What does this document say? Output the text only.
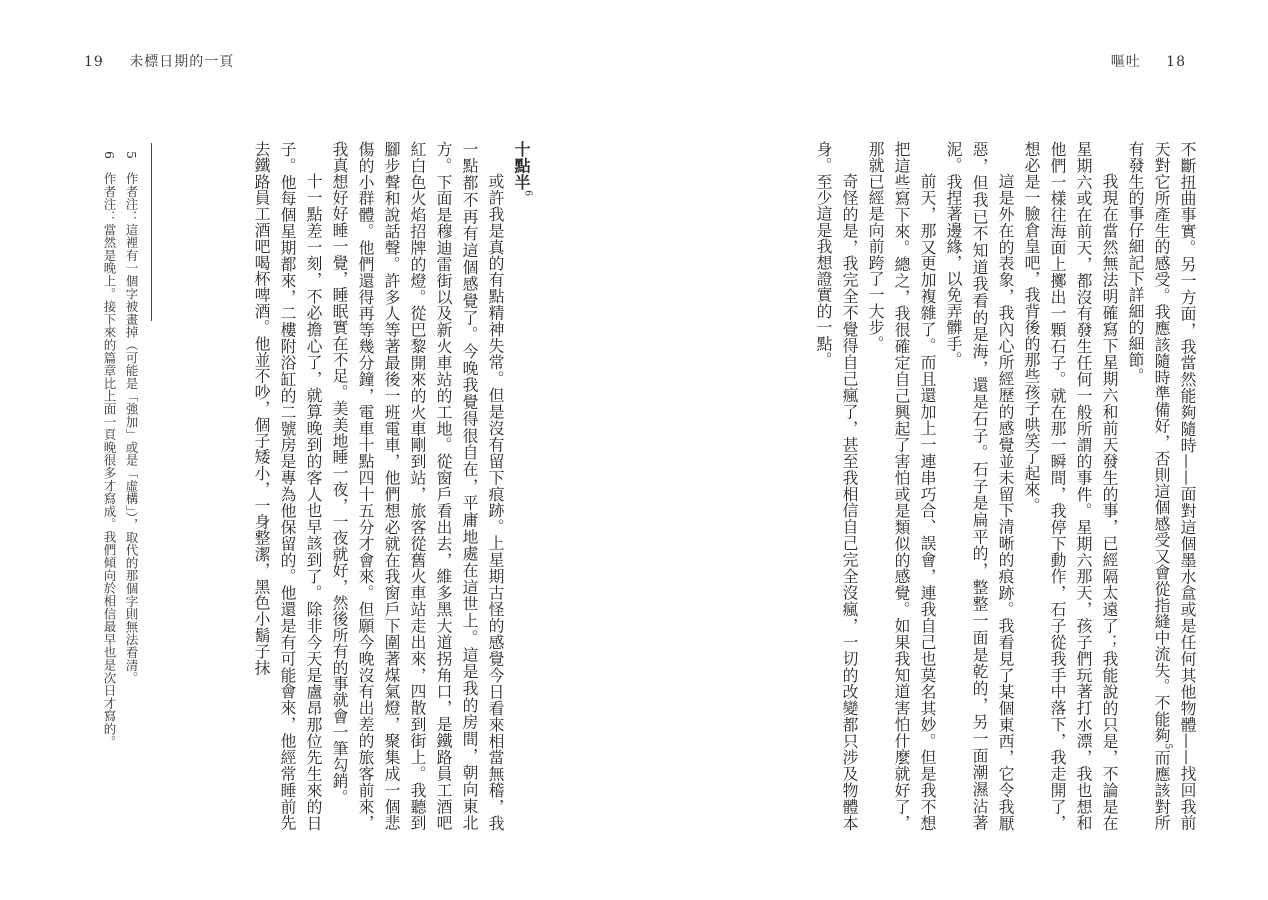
19 未標日期的一頁	嘔吐 18

不斷扭曲事實。另一方面，我當然能夠隨時——面對這個墨水盒或是任何其他物體——找回我前天對它所產生的感受。我應該隨時準備好，否則這個感受又會從指縫中流失。不能夠$^5$而應該對所有發生的事仔細記下詳細的細節。

我現在當然無法明確寫下星期六和前天發生的事，已經隔太遠了；我能說的只是，不論是在星期六或在前天，都沒有發生任何一般所謂的事件。星期六那天，孩子們玩著打水漂，我也想和他們一樣往海面上擲出一顆石子。就在那一瞬間，我停下動作，石子從我手中落下，我走開了，想必是一臉倉皇吧，我背後的那些孩子哄笑了起來。

這是外在的表象，我內心所經歷的感覺並未留下清晰的痕跡。我看見了某個東西，它令我厭惡，但我已不知道我看的是海，還是石子。石子是扁平的，整整一面是乾的，另一面潮濕沾著泥。我捏著邊緣，以免弄髒手。

前天，那又更加複雜了。而且還加上一連串巧合、誤會，連我自己也莫名其妙。但是我不想把這些寫下來。總之，我很確定自己興起了害怕或是類似的感覺。如果我知道害怕什麼就好了，那就已經是向前跨了一大步。

奇怪的是，我完全不覺得自己瘋了，甚至我相信自己完全沒瘋，一切的改變都只涉及物體本身。至少這是我想證實的一點。

十點半$^6$

或許我是真的有點精神失常。但是沒有留下痕跡。上星期古怪的感覺今日看來相當無稽，我一點都不再有這個感覺了。今晚我覺得很自在，平庸地處在這世上。這是我的房間，朝向東北方。下面是穆迪雷街以及新火車站的工地。從窗戶看出去，維多黑大道拐角口，是鐵路員工酒吧紅白色火焰招牌的燈。從巴黎開來的火車剛到站，旅客從舊火車站走出來，四散到街上。我聽到腳步聲和說話聲。許多人等著最後一班電車，他們想必就在我窗戶下圍著煤氣燈，聚集成一個悲傷的小群體。他們還得再等幾分鐘，電車十點四十五分才會來。但願今晚沒有出差的旅客前來，我真想好好睡一覺，睡眠實在不足。美美地睡一夜，一夜就好，然後所有的事就會一筆勾銷。

十一點差一刻，不必擔心了，就算晚到的客人也早該到了。除非今天是盧昂那位先生來的日子。他每個星期都來，二樓附浴缸的二號房是專為他保留的。他還是有可能會來，他經常睡前先去鐵路員工酒吧喝杯啤酒。他並不吵，個子矮小，一身整潔，黑色小鬍子抹

5　作者注：這裡有一個字被畫掉（可能是「強加」或是「虛構」），取代的那個字則無法看清。

6　作者注：當然是晚上。接下來的篇章比上面一頁晚很多才寫成。我們傾向於相信最早也是次日才寫的。
